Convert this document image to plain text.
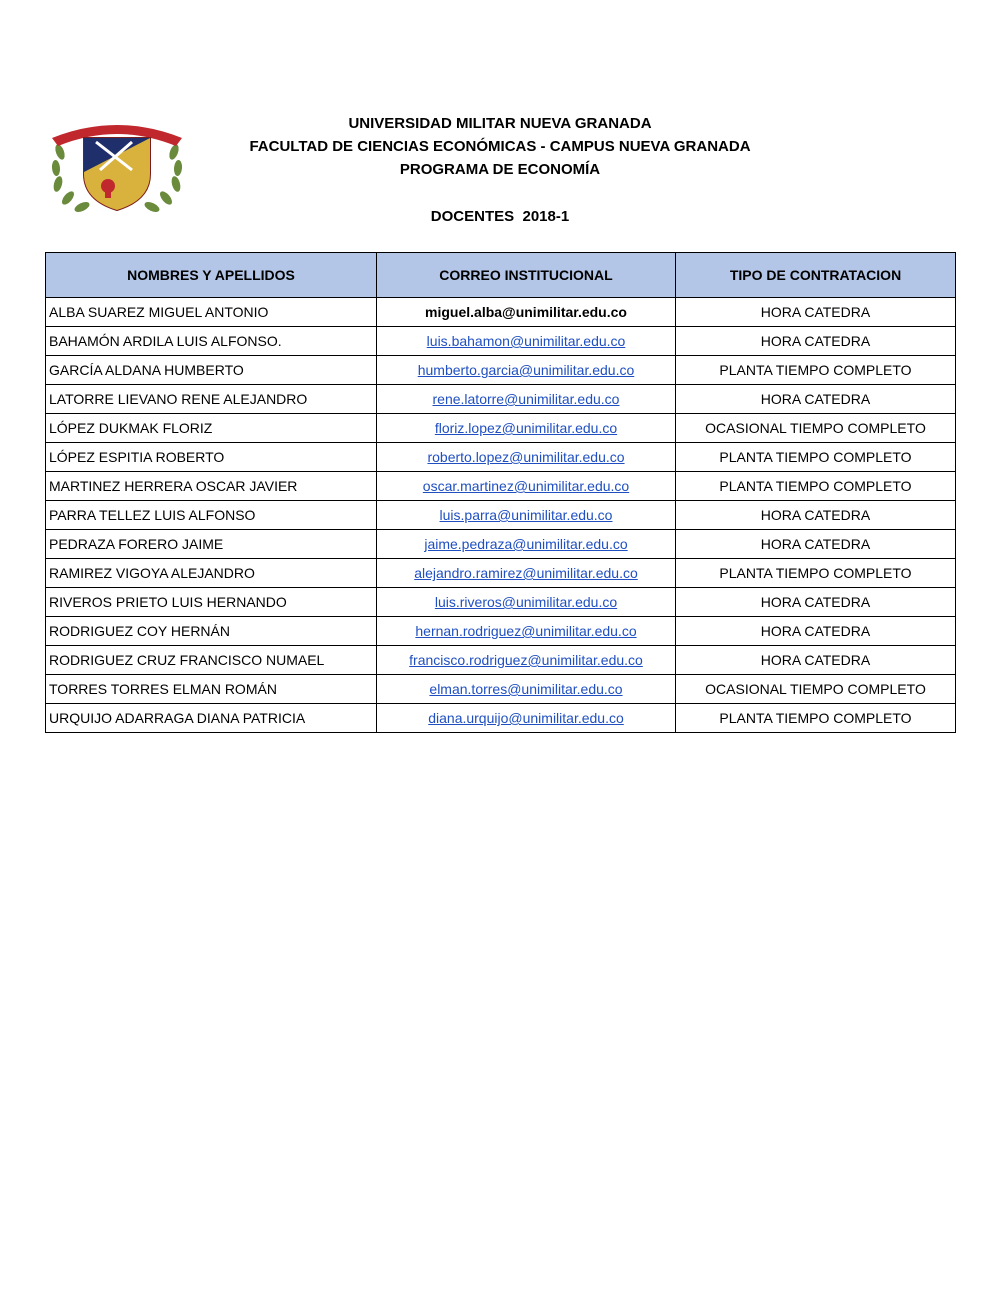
UNIVERSIDAD MILITAR NUEVA GRANADA
FACULTAD DE CIENCIAS ECONÓMICAS - CAMPUS NUEVA GRANADA
PROGRAMA DE ECONOMÍA
DOCENTES  2018-1
NOMBRES Y APELLIDOS	CORREO INSTITUCIONAL	TIPO DE CONTRATACION
ALBA SUAREZ MIGUEL ANTONIO	miguel.alba@unimilitar.edu.co	HORA CATEDRA
BAHAMÓN ARDILA LUIS ALFONSO.	luis.bahamon@unimilitar.edu.co	HORA CATEDRA
GARCÍA ALDANA HUMBERTO	humberto.garcia@unimilitar.edu.co	PLANTA TIEMPO COMPLETO
LATORRE LIEVANO RENE ALEJANDRO	rene.latorre@unimilitar.edu.co	HORA CATEDRA
LÓPEZ DUKMAK FLORIZ	floriz.lopez@unimilitar.edu.co	OCASIONAL TIEMPO COMPLETO
LÓPEZ ESPITIA ROBERTO	roberto.lopez@unimilitar.edu.co	PLANTA TIEMPO COMPLETO
MARTINEZ HERRERA OSCAR JAVIER	oscar.martinez@unimilitar.edu.co	PLANTA TIEMPO COMPLETO
PARRA TELLEZ LUIS ALFONSO	luis.parra@unimilitar.edu.co	HORA CATEDRA
PEDRAZA FORERO JAIME	jaime.pedraza@unimilitar.edu.co	HORA CATEDRA
RAMIREZ VIGOYA ALEJANDRO	alejandro.ramirez@unimilitar.edu.co	PLANTA TIEMPO COMPLETO
RIVEROS PRIETO LUIS HERNANDO	luis.riveros@unimilitar.edu.co	HORA CATEDRA
RODRIGUEZ COY HERNÁN	hernan.rodriguez@unimilitar.edu.co	HORA CATEDRA
RODRIGUEZ CRUZ FRANCISCO NUMAEL	francisco.rodriguez@unimilitar.edu.co	HORA CATEDRA
TORRES TORRES ELMAN ROMÁN	elman.torres@unimilitar.edu.co	OCASIONAL TIEMPO COMPLETO
URQUIJO ADARRAGA DIANA PATRICIA	diana.urquijo@unimilitar.edu.co	PLANTA TIEMPO COMPLETO
